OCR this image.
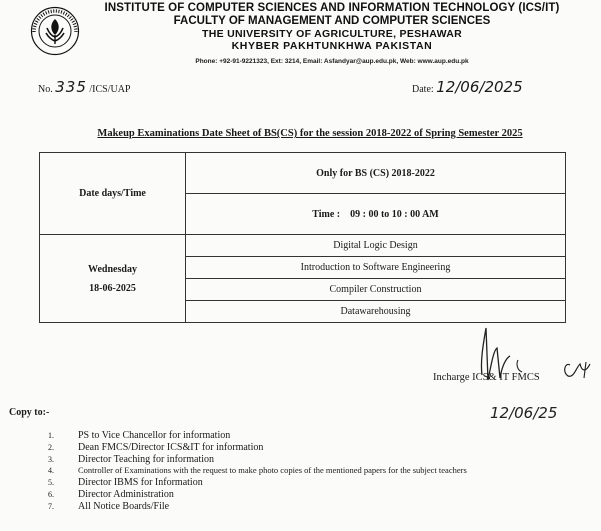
INSTITUTE OF COMPUTER SCIENCES AND INFORMATION TECHNOLOGY (ICS/IT)
FACULTY OF MANAGEMENT AND COMPUTER SCIENCES
THE UNIVERSITY OF AGRICULTURE, PESHAWAR
KHYBER PAKHTUNKHWA PAKISTAN
Phone: +92-91-9221323, Ext: 3214, Email: Asfandyar@aup.edu.pk, Web: www.aup.edu.pk
No. 335 /ICS/UAP	Date: 12/06/2025
Makeup Examinations Date Sheet of BS(CS) for the session 2018-2022 of Spring Semester 2025
Date days/Time	Only for BS (CS) 2018-2022
	Time :    09 : 00 to 10 : 00 AM

Wednesday
18-06-2025	Digital Logic Design
	Introduction to Software Engineering
	Compiler Construction
	Datawarehousing
12/06/25
Incharge ICS& IT FMCS
Copy to:-
1. PS to Vice Chancellor for information
2. Dean FMCS/Director ICS&IT for information
3. Director Teaching for information
4.	Controller of Examinations with the request to make photo copies of the mentioned papers for the subject teachers
5. Director IBMS for Information
6. Director Administration
7. All Notice Boards/File
